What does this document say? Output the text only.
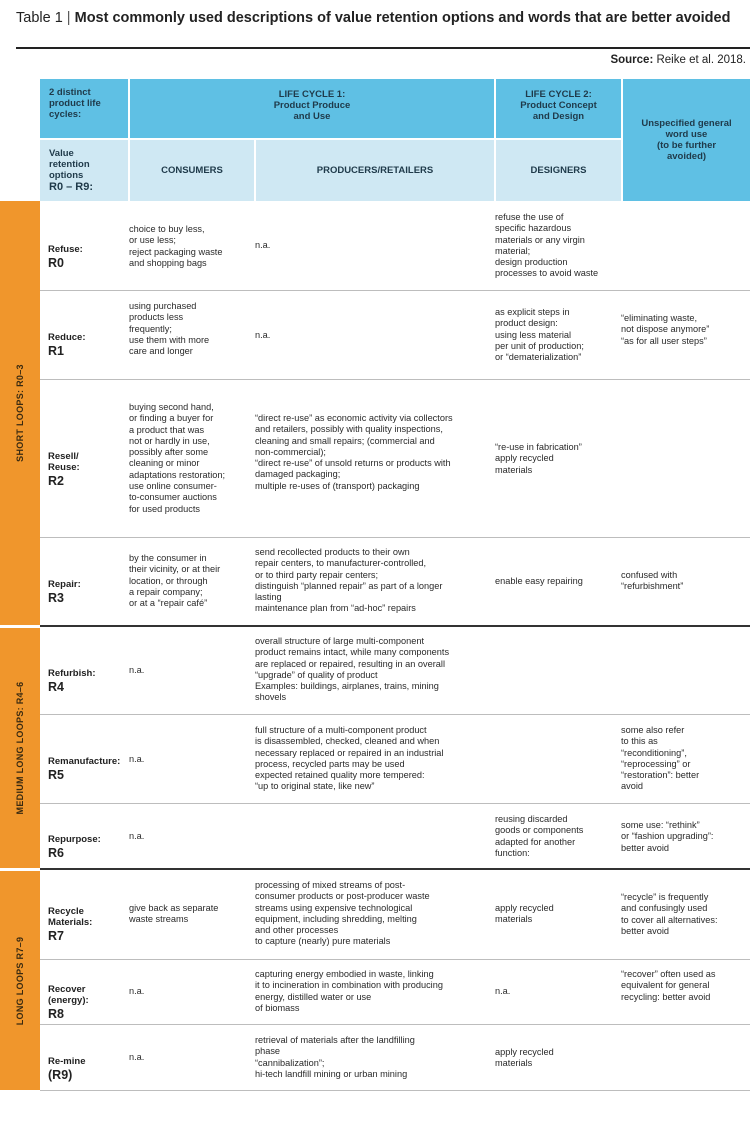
Table 1 | Most commonly used descriptions of value retention options and words that are better avoided
Source: Reike et al. 2018.
2 distinct
product life
cycles:
LIFE CYCLE 1:
Product Produce
and Use
LIFE CYCLE 2:
Product Concept
and Design
Unspecified general
word use
(to be further
avoided)
Value
retention
options
R0 – R9:
CONSUMERS	PRODUCERS/RETAILERS	DESIGNERS
SHORT LOOPS: R0–3
MEDIUM LONG LOOPS: R4–6
LONG LOOPS R7–9

Refuse:

R0

choice to buy less,
or use less;
reject packaging waste
and shopping bags
n.a.
refuse the use of
specific hazardous
materials or any virgin
material;
design production
processes to avoid waste

Reduce:

R1

using purchased
products less
frequently;
use them with more
care and longer
n.a.
as explicit steps in
product design:
using less material
per unit of production;
or “dematerialization”
“eliminating waste,
not dispose anymore”
“as for all user steps”

Resell/
Reuse:

R2

buying second hand,
or finding a buyer for
a product that was
not or hardly in use,
possibly after some
cleaning or minor
adaptations restoration;
use online consumer-
to-consumer auctions
for used products
“direct re-use” as economic activity via collectors
and retailers, possibly with quality inspections,
cleaning and small repairs; (commercial and
non-commercial);
“direct re-use” of unsold returns or products with
damaged packaging;
multiple re-uses of (transport) packaging
“re-use in fabrication”
apply recycled
materials

Repair:

R3

by the consumer in
their vicinity, or at their
location, or through
a repair company;
or at a “repair café”
send recollected products to their own
repair centers, to manufacturer-controlled,
or to third party repair centers;
distinguish “planned repair” as part of a longer
lasting
maintenance plan from “ad-hoc” repairs
enable easy repairing
confused with
“refurbishment”

Refurbish:

R4

n.a.
overall structure of large multi-component
product remains intact, while many components
are replaced or repaired, resulting in an overall
“upgrade” of quality of product
Examples: buildings, airplanes, trains, mining
shovels

Remanufacture:

R5

n.a.
full structure of a multi-component product
is disassembled, checked, cleaned and when
necessary replaced or repaired in an industrial
process, recycled parts may be used
expected retained quality more tempered:
“up to original state, like new”
some also refer
to this as
“reconditioning”,
“reprocessing” or
“restoration”: better
avoid

Repurpose:

R6

n.a.
reusing discarded
goods or components
adapted for another
function:
some use: “rethink”
or “fashion upgrading”:
better avoid

Recycle
Materials:

R7

give back as separate
waste streams
processing of mixed streams of post-
consumer products or post-producer waste
streams using expensive technological
equipment, including shredding, melting
and other processes
to capture (nearly) pure materials
apply recycled
materials
“recycle” is frequently
and confusingly used
to cover all alternatives:
better avoid

Recover
(energy):

R8

n.a.
capturing energy embodied in waste, linking
it to incineration in combination with producing
energy, distilled water or use
of biomass
n.a.
“recover” often used as
equivalent for general
recycling: better avoid

Re-mine

(R9)

n.a.
retrieval of materials after the landfilling
phase
“cannibalization”;
hi-tech landfill mining or urban mining
apply recycled
materials
